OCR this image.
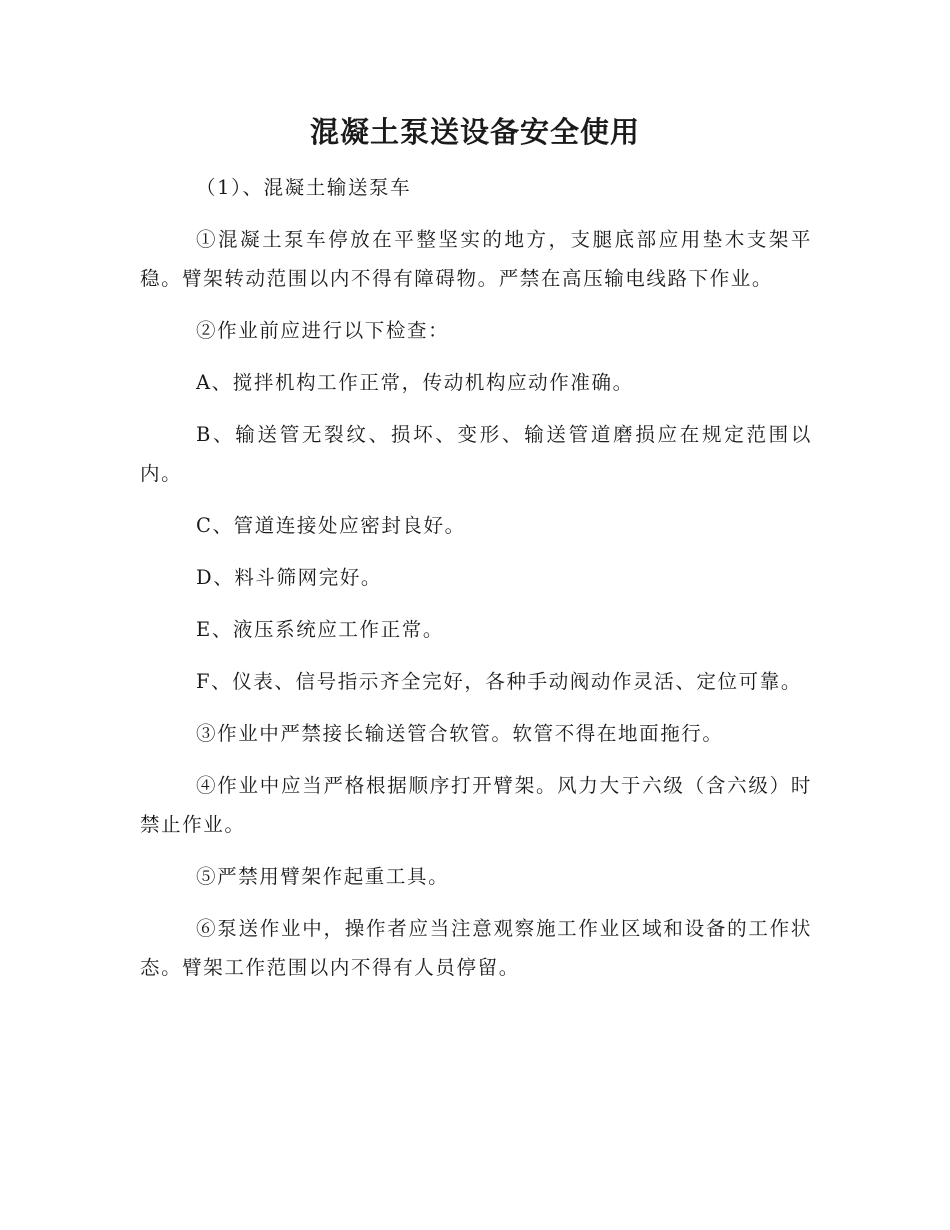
混凝土泵送设备安全使用

（1）、混凝土输送泵车

①混凝土泵车停放在平整坚实的地方，支腿底部应用垫木支架平稳。臂架转动范围以内不得有障碍物。严禁在高压输电线路下作业。

②作业前应进行以下检查：

A、搅拌机构工作正常，传动机构应动作准确。

B、输送管无裂纹、损坏、变形、输送管道磨损应在规定范围以内。

C、管道连接处应密封良好。

D、料斗筛网完好。

E、液压系统应工作正常。

F、仪表、信号指示齐全完好，各种手动阀动作灵活、定位可靠。

③作业中严禁接长输送管合软管。软管不得在地面拖行。

④作业中应当严格根据顺序打开臂架。风力大于六级（含六级）时禁止作业。

⑤严禁用臂架作起重工具。

⑥泵送作业中，操作者应当注意观察施工作业区域和设备的工作状态。臂架工作范围以内不得有人员停留。
